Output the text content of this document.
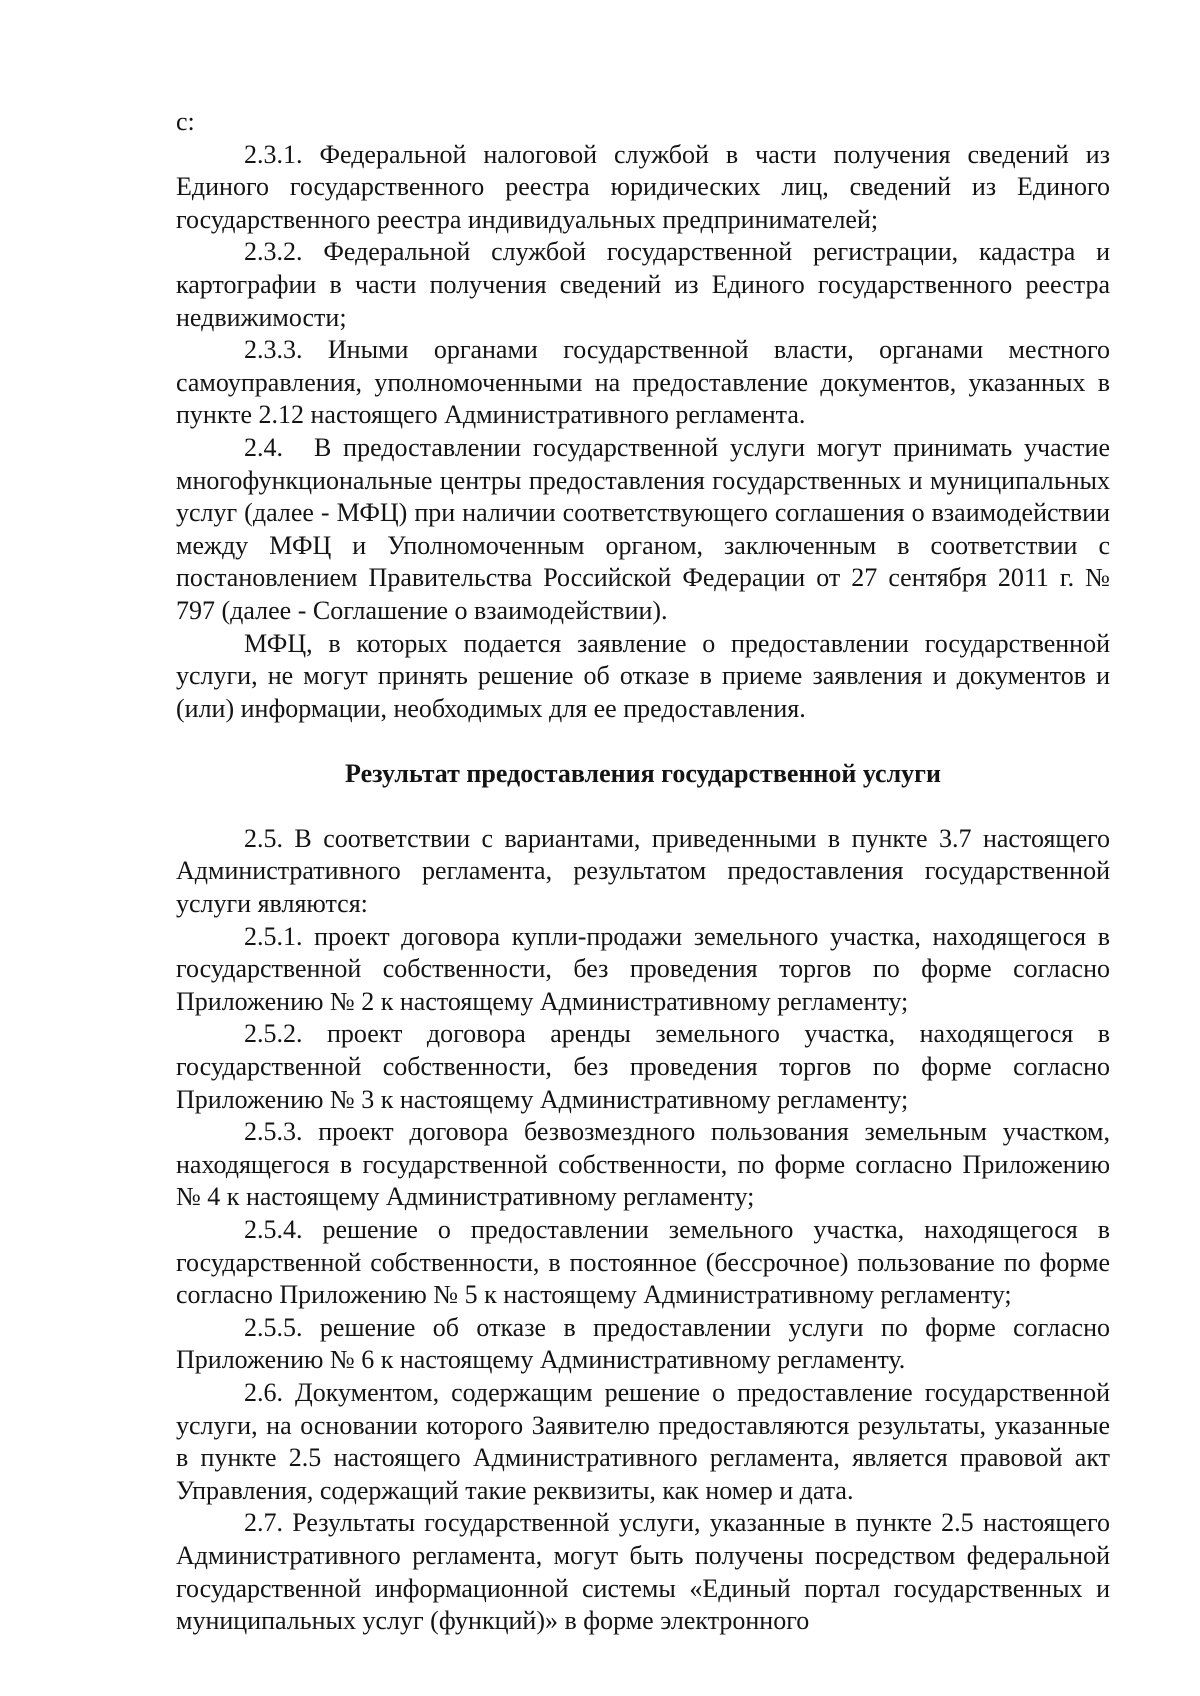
с:

2.3.1. Федеральной налоговой службой в части получения сведений из Единого государственного реестра юридических лиц, сведений из Единого государственного реестра индивидуальных предпринимателей;

2.3.2. Федеральной службой государственной регистрации, кадастра и картографии в части получения сведений из Единого государственного реестра недвижимости;

2.3.3. Иными органами государственной власти, органами местного самоуправления, уполномоченными на предоставление документов, указанных в пункте 2.12 настоящего Административного регламента.

2.4. В предоставлении государственной услуги могут принимать участие многофункциональные центры предоставления государственных и муниципальных услуг (далее - МФЦ) при наличии соответствующего соглашения о взаимодействии между МФЦ и Уполномоченным органом, заключенным в соответствии с постановлением Правительства Российской Федерации от 27 сентября 2011 г. № 797 (далее - Соглашение о взаимодействии).

МФЦ, в которых подается заявление о предоставлении государственной услуги, не могут принять решение об отказе в приеме заявления и документов и (или) информации, необходимых для ее предоставления.

Результат предоставления государственной услуги

2.5. В соответствии с вариантами, приведенными в пункте 3.7 настоящего Административного регламента, результатом предоставления государственной услуги являются:

2.5.1. проект договора купли-продажи земельного участка, находящегося в государственной собственности, без проведения торгов по форме согласно Приложению № 2 к настоящему Административному регламенту;

2.5.2. проект договора аренды земельного участка, находящегося в государственной собственности, без проведения торгов по форме согласно Приложению № 3 к настоящему Административному регламенту;

2.5.3. проект договора безвозмездного пользования земельным участком, находящегося в государственной собственности, по форме согласно Приложению № 4 к настоящему Административному регламенту;

2.5.4. решение о предоставлении земельного участка, находящегося в государственной собственности, в постоянное (бессрочное) пользование по форме согласно Приложению № 5 к настоящему Административному регламенту;

2.5.5. решение об отказе в предоставлении услуги по форме согласно Приложению № 6 к настоящему Административному регламенту.

2.6. Документом, содержащим решение о предоставление государственной услуги, на основании которого Заявителю предоставляются результаты, указанные в пункте 2.5 настоящего Административного регламента, является правовой акт Управления, содержащий такие реквизиты, как номер и дата.

2.7. Результаты государственной услуги, указанные в пункте 2.5 настоящего Административного регламента, могут быть получены посредством федеральной государственной информационной системы «Единый портал государственных и муниципальных услуг (функций)» в форме электронного
